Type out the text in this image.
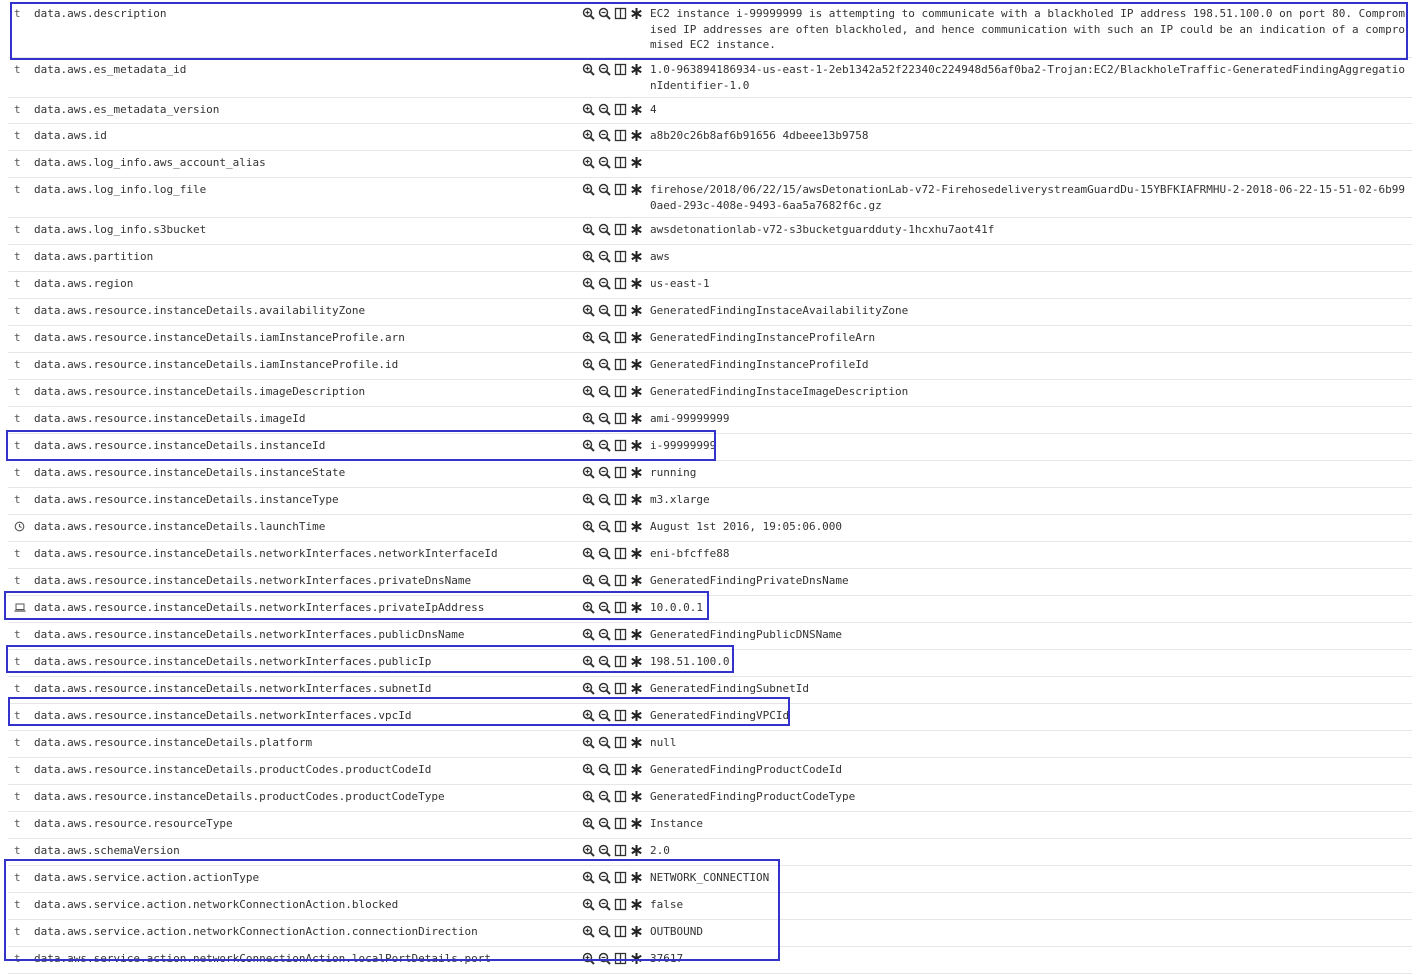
t	data.aws.description	EC2 instance i-99999999 is attempting to communicate with a blackholed IP address 198.51.100.0 on port 80. Compromised IP addresses are often blackholed, and hence communication with such an IP could be an indication of a compromised EC2 instance.
t	data.aws.es_metadata_id	1.0-963894186934-us-east-1-2eb1342a52f22340c224948d56af0ba2-Trojan:EC2/BlackholeTraffic-GeneratedFindingAggregationIdentifier-1.0
t	data.aws.es_metadata_version	4
t	data.aws.id	a8b20c26b8af6b91656 4dbeee13b9758
t	data.aws.log_info.aws_account_alias
t	data.aws.log_info.log_file	firehose/2018/06/22/15/awsDetonationLab-v72-FirehosedeliverystreamGuardDu-15YBFKIAFRMHU-2-2018-06-22-15-51-02-6b990aed-293c-408e-9493-6aa5a7682f6c.gz
t	data.aws.log_info.s3bucket	awsdetonationlab-v72-s3bucketguardduty-1hcxhu7aot41f
t	data.aws.partition	aws
t	data.aws.region	us-east-1
t	data.aws.resource.instanceDetails.availabilityZone	GeneratedFindingInstaceAvailabilityZone
t	data.aws.resource.instanceDetails.iamInstanceProfile.arn	GeneratedFindingInstanceProfileArn
t	data.aws.resource.instanceDetails.iamInstanceProfile.id	GeneratedFindingInstanceProfileId
t	data.aws.resource.instanceDetails.imageDescription	GeneratedFindingInstaceImageDescription
t	data.aws.resource.instanceDetails.imageId	ami-99999999
t	data.aws.resource.instanceDetails.instanceId	i-99999999
t	data.aws.resource.instanceDetails.instanceState	running
t	data.aws.resource.instanceDetails.instanceType	m3.xlarge
data.aws.resource.instanceDetails.launchTime	August 1st 2016, 19:05:06.000
t	data.aws.resource.instanceDetails.networkInterfaces.networkInterfaceId	eni-bfcffe88
t	data.aws.resource.instanceDetails.networkInterfaces.privateDnsName	GeneratedFindingPrivateDnsName
data.aws.resource.instanceDetails.networkInterfaces.privateIpAddress	10.0.0.1
t	data.aws.resource.instanceDetails.networkInterfaces.publicDnsName	GeneratedFindingPublicDNSName
t	data.aws.resource.instanceDetails.networkInterfaces.publicIp	198.51.100.0
t	data.aws.resource.instanceDetails.networkInterfaces.subnetId	GeneratedFindingSubnetId
t	data.aws.resource.instanceDetails.networkInterfaces.vpcId	GeneratedFindingVPCId
t	data.aws.resource.instanceDetails.platform	null
t	data.aws.resource.instanceDetails.productCodes.productCodeId	GeneratedFindingProductCodeId
t	data.aws.resource.instanceDetails.productCodes.productCodeType	GeneratedFindingProductCodeType
t	data.aws.resource.resourceType	Instance
t	data.aws.schemaVersion	2.0
t	data.aws.service.action.actionType	NETWORK_CONNECTION
t	data.aws.service.action.networkConnectionAction.blocked	false
t	data.aws.service.action.networkConnectionAction.connectionDirection	OUTBOUND
t	data.aws.service.action.networkConnectionAction.localPortDetails.port	37617
